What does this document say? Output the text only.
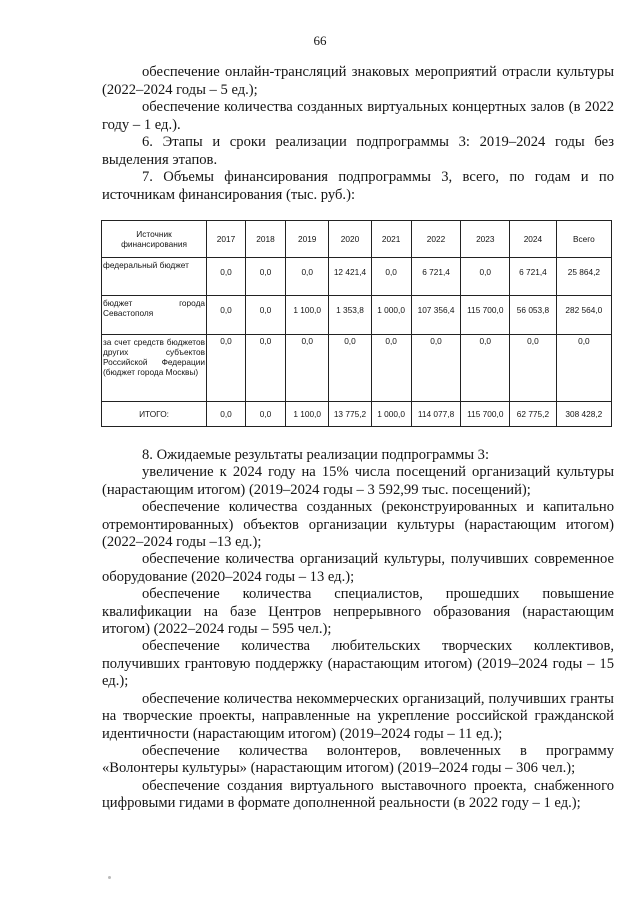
66

обеспечение онлайн-трансляций знаковых мероприятий отрасли культуры (2022–2024 годы – 5 ед.);

обеспечение количества созданных виртуальных концертных залов (в 2022 году – 1 ед.).

6. Этапы и сроки реализации подпрограммы 3: 2019–2024 годы без выделения этапов.

7. Объемы финансирования подпрограммы 3, всего, по годам и по источникам финансирования (тыс. руб.):

Источник финансирования	2017	2018	2019	2020	2021	2022	2023	2024	Всего
федеральный бюджет	0,0	0,0	0,0	12 421,4	0,0	6 721,4	0,0	6 721,4	25 864,2
бюджет города Севастополя	0,0	0,0	1 100,0	1 353,8	1 000,0	107 356,4	115 700,0	56 053,8	282 564,0
за счет средств бюджетов других субъектов Российской Федерации (бюджет города Москвы)	0,0	0,0	0,0	0,0	0,0	0,0	0,0	0,0	0,0
ИТОГО:	0,0	0,0	1 100,0	13 775,2	1 000,0	114 077,8	115 700,0	62 775,2	308 428,2

8. Ожидаемые результаты реализации подпрограммы 3:

увеличение к 2024 году на 15% числа посещений организаций культуры (нарастающим итогом) (2019–2024 годы – 3 592,99 тыс. посещений);

обеспечение количества созданных (реконструированных и капитально отремонтированных) объектов организации культуры (нарастающим итогом) (2022–2024 годы –13 ед.);

обеспечение количества организаций культуры, получивших современное оборудование (2020–2024 годы – 13 ед.);

обеспечение количества специалистов, прошедших повышение квалификации на базе Центров непрерывного образования (нарастающим итогом) (2022–2024 годы – 595 чел.);

обеспечение количества любительских творческих коллективов, получивших грантовую поддержку (нарастающим итогом) (2019–2024 годы – 15 ед.);

обеспечение количества некоммерческих организаций, получивших гранты на творческие проекты, направленные на укрепление российской гражданской идентичности (нарастающим итогом) (2019–2024 годы – 11 ед.);

обеспечение количества волонтеров, вовлеченных в программу «Волонтеры культуры» (нарастающим итогом) (2019–2024 годы – 306 чел.);

обеспечение создания виртуального выставочного проекта, снабженного цифровыми гидами в формате дополненной реальности (в 2022 году – 1 ед.);
